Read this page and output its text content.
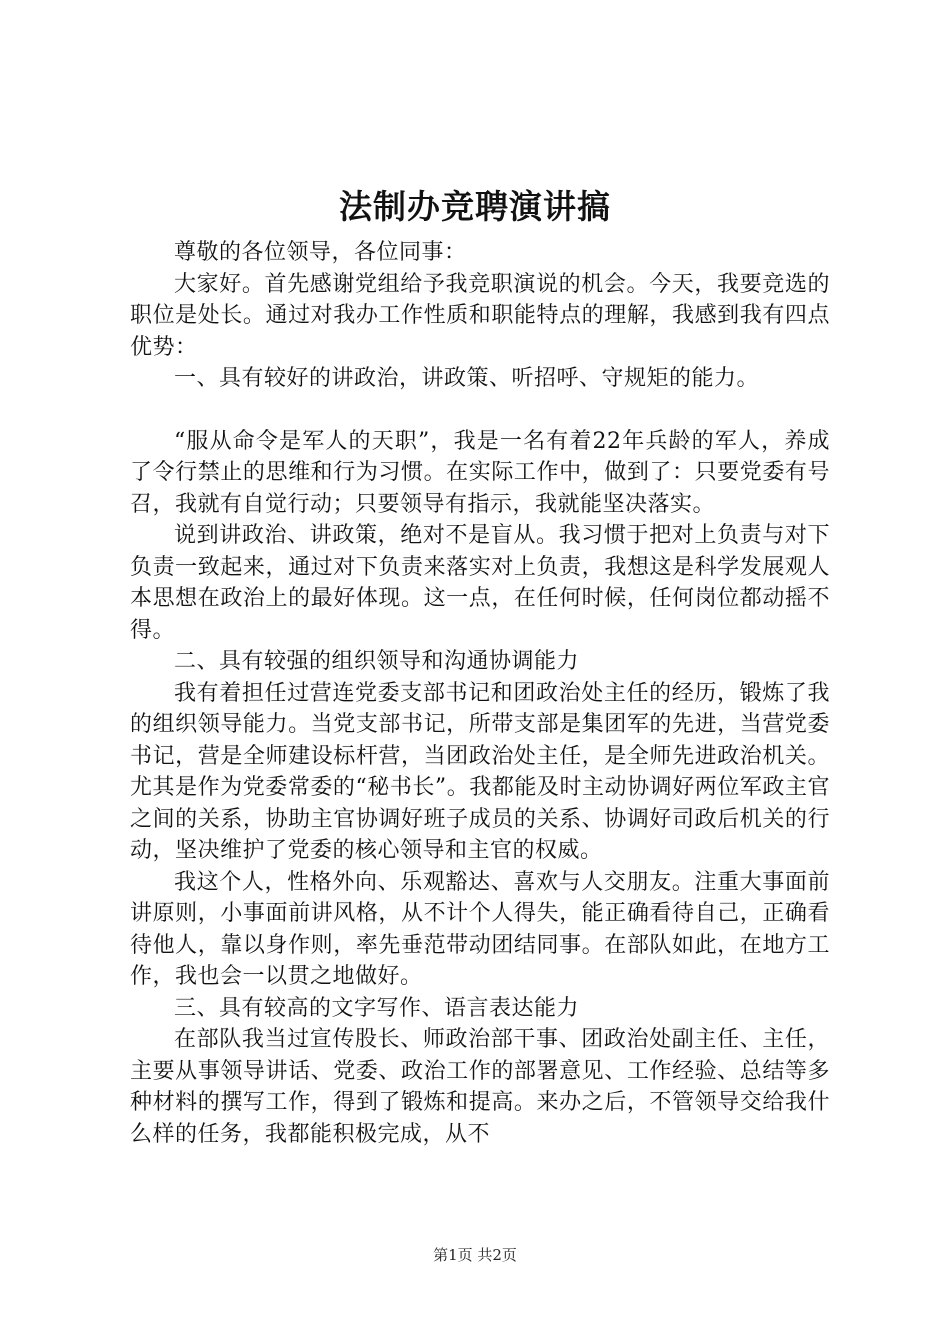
法制办竞聘演讲搞

尊敬的各位领导，各位同事：

大家好。首先感谢党组给予我竞职演说的机会。今天，我要竞选的职位是处长。通过对我办工作性质和职能特点的理解，我感到我有四点优势：

一、具有较好的讲政治，讲政策、听招呼、守规矩的能力。

“服从命令是军人的天职”，我是一名有着22年兵龄的军人，养成了令行禁止的思维和行为习惯。在实际工作中，做到了：只要党委有号召，我就有自觉行动；只要领导有指示，我就能坚决落实。

说到讲政治、讲政策，绝对不是盲从。我习惯于把对上负责与对下负责一致起来，通过对下负责来落实对上负责，我想这是科学发展观人本思想在政治上的最好体现。这一点，在任何时候，任何岗位都动摇不得。

二、具有较强的组织领导和沟通协调能力

我有着担任过营连党委支部书记和团政治处主任的经历，锻炼了我的组织领导能力。当党支部书记，所带支部是集团军的先进，当营党委书记，营是全师建设标杆营，当团政治处主任，是全师先进政治机关。尤其是作为党委常委的“秘书长”。我都能及时主动协调好两位军政主官之间的关系，协助主官协调好班子成员的关系、协调好司政后机关的行动，坚决维护了党委的核心领导和主官的权威。

我这个人，性格外向、乐观豁达、喜欢与人交朋友。注重大事面前讲原则，小事面前讲风格，从不计个人得失，能正确看待自己，正确看待他人，靠以身作则，率先垂范带动团结同事。在部队如此，在地方工作，我也会一以贯之地做好。

三、具有较高的文字写作、语言表达能力

在部队我当过宣传股长、师政治部干事、团政治处副主任、主任，主要从事领导讲话、党委、政治工作的部署意见、工作经验、总结等多种材料的撰写工作，得到了锻炼和提高。来办之后，不管领导交给我什么样的任务，我都能积极完成，从不

第1页 共2页
